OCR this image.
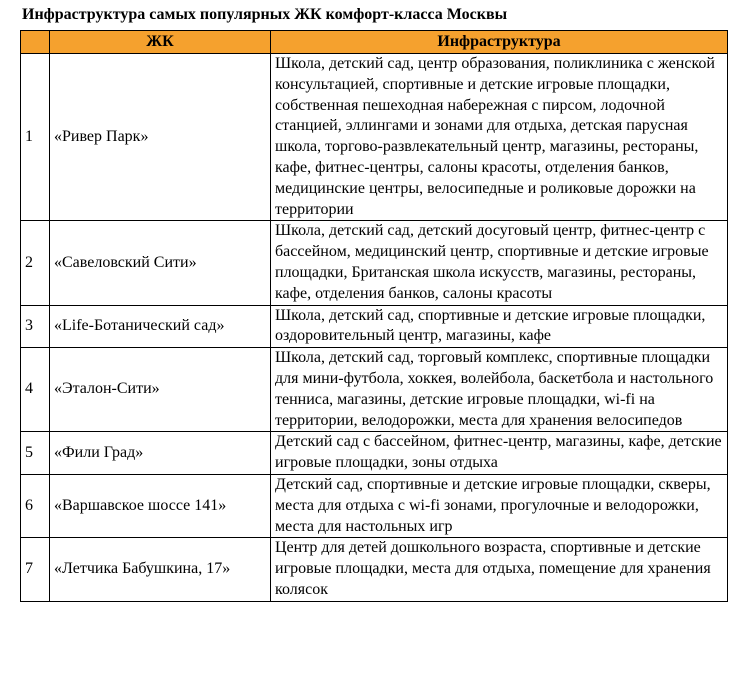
Инфраструктура самых популярных ЖК комфорт-класса Москвы
	ЖК	Инфраструктура
1	«Ривер Парк»	Школа, детский сад, центр образования, поликлиника с женской консультацией, спортивные и детские игровые площадки, собственная пешеходная набережная с пирсом, лодочной станцией, эллингами и зонами для отдыха, детская парусная школа, торгово-развлекательный центр, магазины, рестораны, кафе, фитнес-центры, салоны красоты, отделения банков, медицинские центры, велосипедные и роликовые дорожки на территории
2	«Савеловский Сити»	Школа, детский сад, детский досуговый центр, фитнес-центр с бассейном, медицинский центр, спортивные и детские игровые площадки, Британская школа искусств, магазины, рестораны, кафе, отделения банков, салоны красоты
3	«Life-Ботанический сад»	Школа, детский сад, спортивные и детские игровые площадки, оздоровительный центр, магазины, кафе
4	«Эталон-Сити»	Школа, детский сад, торговый комплекс, спортивные площадки для мини-футбола, хоккея, волейбола, баскетбола и настольного тенниса, магазины, детские игровые площадки, wi-fi на территории, велодорожки, места для хранения велосипедов
5	«Фили Град»	Детский сад с бассейном, фитнес-центр, магазины, кафе, детские игровые площадки, зоны отдыха
6	«Варшавское шоссе 141»	Детский сад, спортивные и детские игровые площадки, скверы, места для отдыха с wi-fi зонами, прогулочные и велодорожки, места для настольных игр
7	«Летчика Бабушкина, 17»	Центр для детей дошкольного возраста, спортивные и детские игровые площадки, места для отдыха, помещение для хранения колясок
